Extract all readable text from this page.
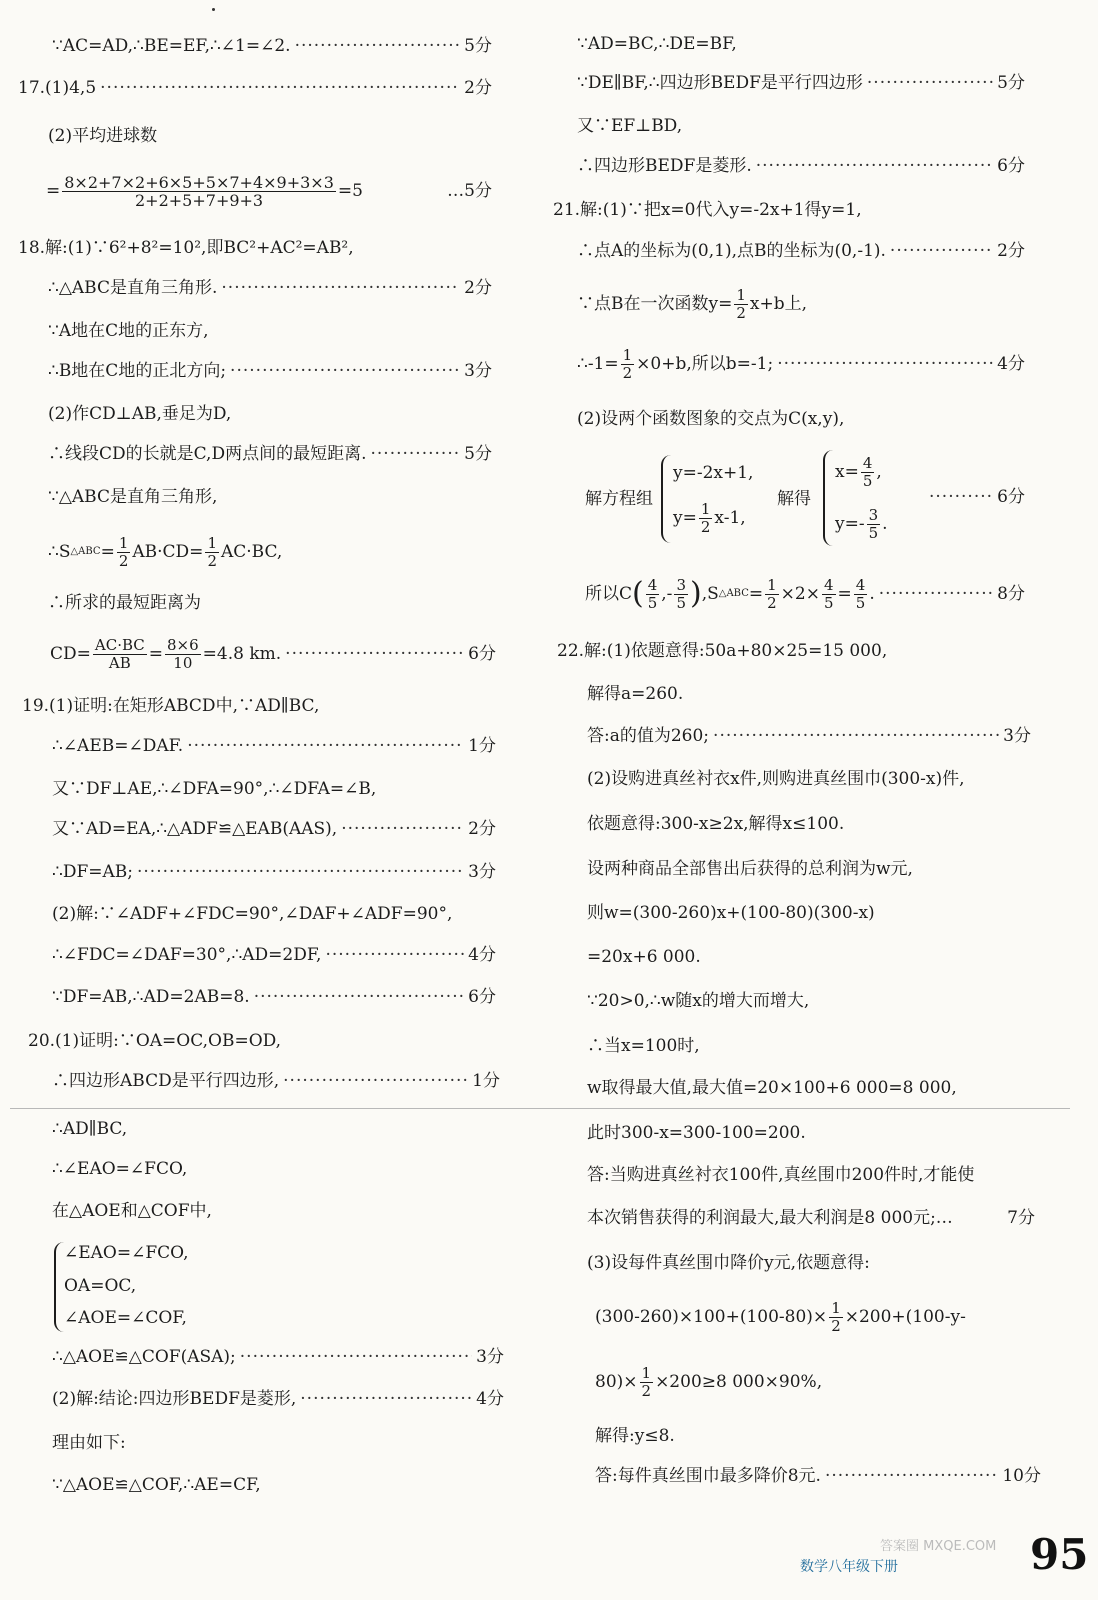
∵AC=AD,∴BE=EF,∴∠1=∠2. ·····	5分
17.(1)4,5 ·····	2分
(2)平均进球数
= $\frac{8\times 2+7\times 2+6\times 5+5\times 7+4\times 9+3\times 3}{2+2+5+7+9+3} =5$	…5分
18.解:(1)∵6²+8²=10²,即BC²+AC²=AB²,
∴△ABC是直角三角形. ·····	2分
∵A地在C地的正东方,
∴B地在C地的正北方向; ·····	3分
(2)作CD⊥AB,垂足为D,
∴线段CD的长就是C,D两点间的最短距离. ·····	5分
∵△ABC是直角三角形,
∴S △ABC = $\frac{1}{2} AB\cdot CD= \frac{1}{2} AC\cdot BC$,
∴所求的最短距离为
$CD= \frac{AC\cdot BC}{AB} = \frac{8\times 6}{10} =4.8$ km. ·····	6分
19.(1)证明:在矩形ABCD中,∵AD∥BC,
∴∠AEB=∠DAF. ·····	1分
又∵DF⊥AE,∴∠DFA=90°,∴∠DFA=∠B,
又∵AD=EA,∴△ADF≌△EAB(AAS), ·····	2分
∴DF=AB; ·····	3分
(2)解:∵∠ADF+∠FDC=90°,∠DAF+∠ADF=90°,
∴∠FDC=∠DAF=30°,∴AD=2DF, ·····	4分
∵DF=AB,∴AD=2AB=8. ·····	6分
20.(1)证明:∵OA=OC,OB=OD,
∴四边形ABCD是平行四边形, ·····	1分
∴AD∥BC,
∴∠EAO=∠FCO,
在△AOE和△COF中,
∠EAO=∠FCO,
OA=OC,
∠AOE=∠COF,
∴△AOE≌△COF(ASA); ·····	3分
(2)解:结论:四边形BEDF是菱形, ·····	4分
理由如下:
∵△AOE≌△COF,∴AE=CF,
∵AD=BC,∴DE=BF,
∵DE∥BF,∴四边形BEDF是平行四边形 ·····	5分
又∵EF⊥BD,
∴四边形BEDF是菱形. ·····	6分
21.解:(1)∵把x=0代入y=-2x+1得y=1,
∴点A的坐标为(0,1),点B的坐标为(0,-1). ·····	2分
∵点B在一次函数$y= \frac{1}{2} x+b$上,
∴-1= $\frac{1}{2} \times 0+b$,所以b=-1; ·····	4分
(2)设两个函数图象的交点为C(x,y),
解方程组
y=-2x+1,
$y= \frac{1}{2} x-1$,
解得
$x= \frac{4}{5}$ ,
$y=- \frac{3}{5}$ .
·····
6分
所以C ( $\frac{4}{5}$ ,- $\frac{3}{5}$ ) ,S △ABC = $\frac{1}{2} \times 2\times \frac{4}{5} = \frac{4}{5}$ . ·····	8分
22.解:(1)依题意得:50a+80×25=15 000,
解得a=260.
答:a的值为260; ·····	3分
(2)设购进真丝衬衣x件,则购进真丝围巾(300-x)件,
依题意得:300-x≥2x,解得x≤100.
设两种商品全部售出后获得的总利润为w元,
则w=(300-260)x+(100-80)(300-x)
=20x+6 000.
∵20>0,∴w随x的增大而增大,
∴当x=100时,
w取得最大值,最大值=20×100+6 000=8 000,
此时300-x=300-100=200.
答:当购进真丝衬衣100件,真丝围巾200件时,才能使
本次销售获得的利润最大,最大利润是8 000元;…	7分
(3)设每件真丝围巾降价y元,依题意得:
$(300-260)\times 100+(100-80)\times \frac{1}{2} \times 200+(100-y-$
$80)\times \frac{1}{2} \times 200\ge 8$ 000×90%,
解得:y≤8.
答:每件真丝围巾最多降价8元. ·····	10分
答案圈 MXQE.COM
数学八年级下册	95
